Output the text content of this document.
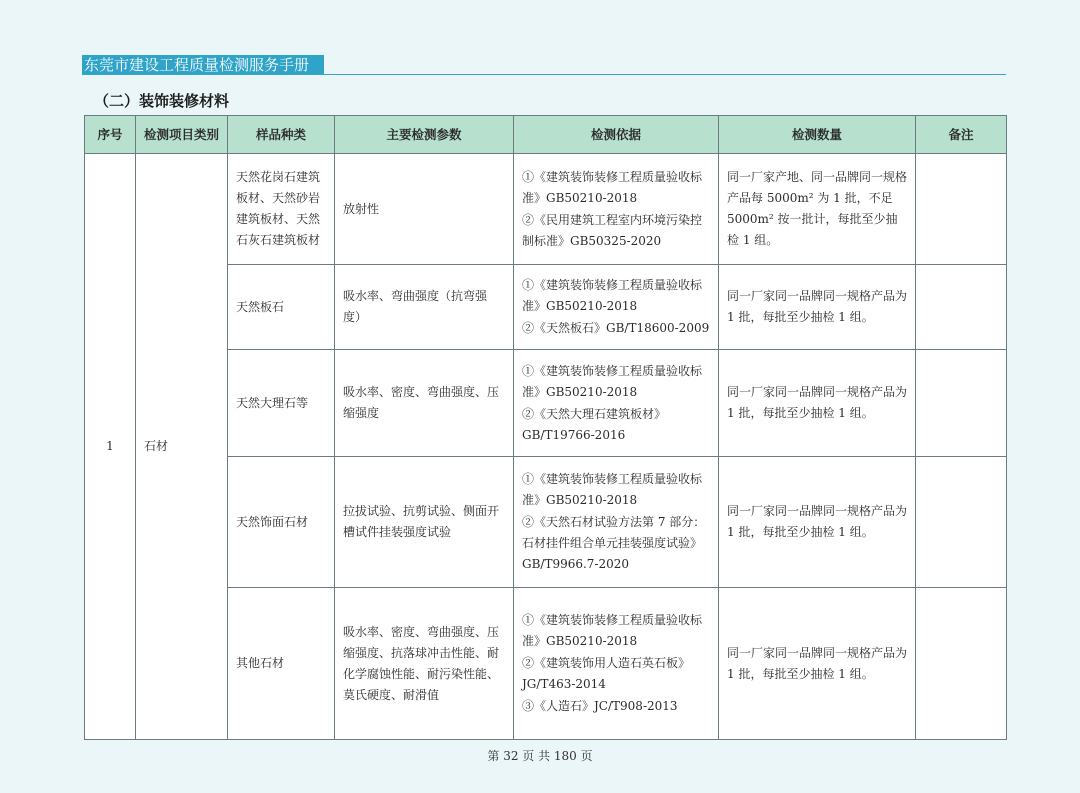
东莞市建设工程质量检测服务手册
（二）装饰装修材料
序号	检测项目类别	样品种类	主要检测参数	检测依据	检测数量	备注
1	石材	天然花岗石建筑板材、天然砂岩建筑板材、天然石灰石建筑板材	放射性	①《建筑装饰装修工程质量验收标准》GB50210-2018
②《民用建筑工程室内环境污染控制标准》GB50325-2020	同一厂家产地、同一品牌同一规格产品每 5000m² 为 1 批，不足 5000m² 按一批计，每批至少抽检 1 组。	
		天然板石	吸水率、弯曲强度（抗弯强度）	①《建筑装饰装修工程质量验收标准》GB50210-2018
②《天然板石》GB/T18600-2009	同一厂家同一品牌同一规格产品为 1 批，每批至少抽检 1 组。	
		天然大理石等	吸水率、密度、弯曲强度、压缩强度	①《建筑装饰装修工程质量验收标准》GB50210-2018
②《天然大理石建筑板材》GB/T19766-2016	同一厂家同一品牌同一规格产品为 1 批，每批至少抽检 1 组。	
		天然饰面石材	拉拔试验、抗剪试验、侧面开槽试件挂装强度试验	①《建筑装饰装修工程质量验收标准》GB50210-2018
②《天然石材试验方法第 7 部分：石材挂件组合单元挂装强度试验》GB/T9966.7-2020	同一厂家同一品牌同一规格产品为 1 批，每批至少抽检 1 组。	
		其他石材	吸水率、密度、弯曲强度、压缩强度、抗落球冲击性能、耐化学腐蚀性能、耐污染性能、莫氏硬度、耐滑值	①《建筑装饰装修工程质量验收标准》GB50210-2018
②《建筑装饰用人造石英石板》JG/T463-2014
③《人造石》JC/T908-2013	同一厂家同一品牌同一规格产品为 1 批，每批至少抽检 1 组。	
第 32 页 共 180 页
